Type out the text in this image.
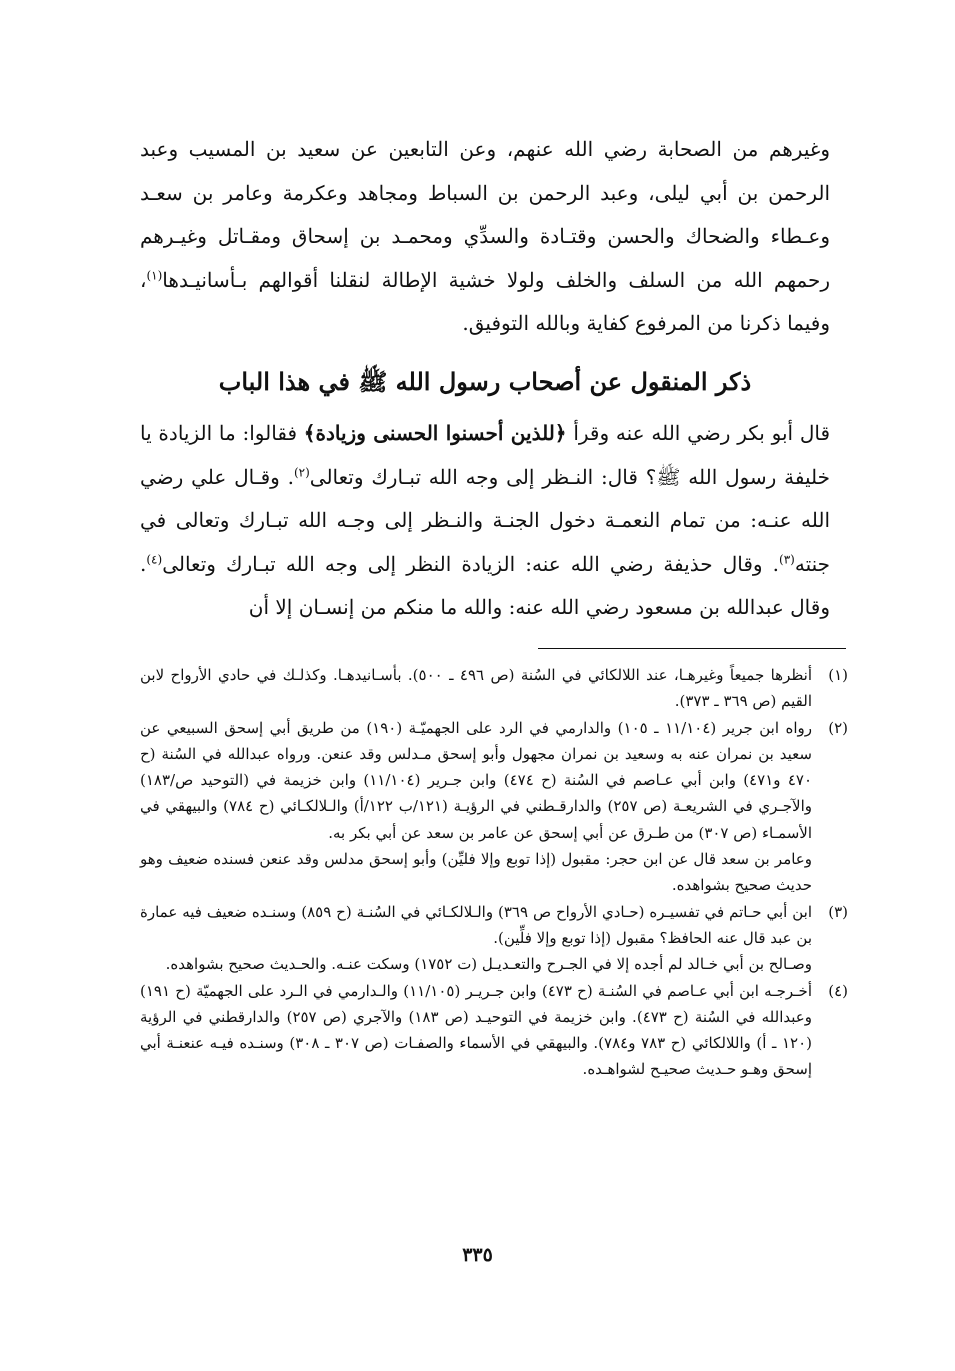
وغيرهم من الصحابة رضي الله عنهم، وعن التابعين عن سعيد بن المسيب وعبد الرحمن بن أبي ليلى، وعبد الرحمن بن السباط ومجاهد وعكرمة وعامر بن سعـد وعـطاء والضحاك والحسن وقتـادة والسدِّي ومحمـد بن إسحاق ومقـاتل وغيـرهم رحمهم الله من السلف والخلف ولولا خشية الإطالة لنقلنا أقوالهم بـأسانيـدها$^{(١)}$، وفيما ذكرنا من المرفوع كفاية وبالله التوفيق.

ذكر المنقول عن أصحاب رسول الله ﷺ في هذا الباب

قال أبو بكر رضي الله عنه وقرأ ﴿للذين أحسنوا الحسنى وزيادة﴾ فقالوا: ما الزيادة يا خليفة رسول الله ﷺ؟ قال: النـظر إلى وجه الله تبـارك وتعالى$^{(٢)}$. وقـال علي رضي الله عنـه: من تمام النعمـة دخول الجنـة والنـظر إلى وجـه الله تبـارك وتعالى في جنته$^{(٣)}$. وقال حذيفة رضي الله عنه: الزيادة النظر إلى وجه الله تبـارك وتعالى$^{(٤)}$. وقال عبدالله بن مسعود رضي الله عنه: والله ما منكم من إنسـان إلا أن

(١)

أنظرها جميعاً وغيرهـا، عند اللالكائي في السُنة (ص ٤٩٦ ـ ٥٠٠). بأسـانيدهـا. وكذلـك في حادي الأرواح لابن القيم (ص ٣٦٩ ـ ٣٧٣).

(٢)

رواه ابن جرير (١١/١٠٤ ـ ١٠٥) والدارمي في الرد على الجهميّـة (١٩٠) من طريق أبي إسحق السبيعي عن سعيد بن نمران عنه به وسعيد بن نمران مجهول وأبو إسحق مـدلس وقد عنعن. ورواه عبدالله في السُنة (ح ٤٧٠ و٤٧١) وابن أبي عـاصم في السُنة (ح ٤٧٤) وابن جـرير (١١/١٠٤) وابن خزيمة في (التوحيد ص/١٨٣) والآجـري في الشريعـة (ص ٢٥٧) والدارقـطني في الرؤيـة (١٢١/ب ١٢٢/أ) والـلالكـائي (ح ٧٨٤) والبيهقي في الأسمـاء (ص ٣٠٧) من طـرق عن أبي إسحق عن عامر بن سعد عن أبي بكر به.

وعامر بن سعد قال عن ابن حجر: مقبول (إذا توبع وإلا فليِّن) وأبو إسحق مدلس وقد عنعن فسنده ضعيف وهو حديث صحيح بشواهده.

(٣)

ابن أبي حـاتم في تفسيـره (حـادي الأرواح ص ٣٦٩) والـلالكـائي في السُنـة (ح ٨٥٩) وسنـده ضعيف فيه عمارة بن عبد قال عنه الحافظ؟ مقبول (إذا توبع وإلا فلِّين).

وصـالح بن أبي خـالد لم أجده إلا في الجـرح والتعـديـل (ت ١٧٥٢) وسكت عنـه. والحـديث صحيح بشواهده.

(٤)

أخـرجـه ابن أبي عـاصم في السُنـة (ح ٤٧٣) وابن جـريـر (١١/١٠٥) والـدارمي في الـرد على الجهميّة (ح ١٩١) وعبدالله في السُنة (ح ٤٧٣). وابن خزيمة في التوحيـد (ص ١٨٣) والآجري (ص ٢٥٧) والدارقطني في الرؤية (١٢٠ ـ أ) واللالكائي (ح ٧٨٣ و٧٨٤). والبيهقي في الأسماء والصفـات (ص ٣٠٧ ـ ٣٠٨) وسنـده فيـه عنعنـة أبي إسحق وهـو حـديث صحيـح لشواهـده.

٣٣٥
